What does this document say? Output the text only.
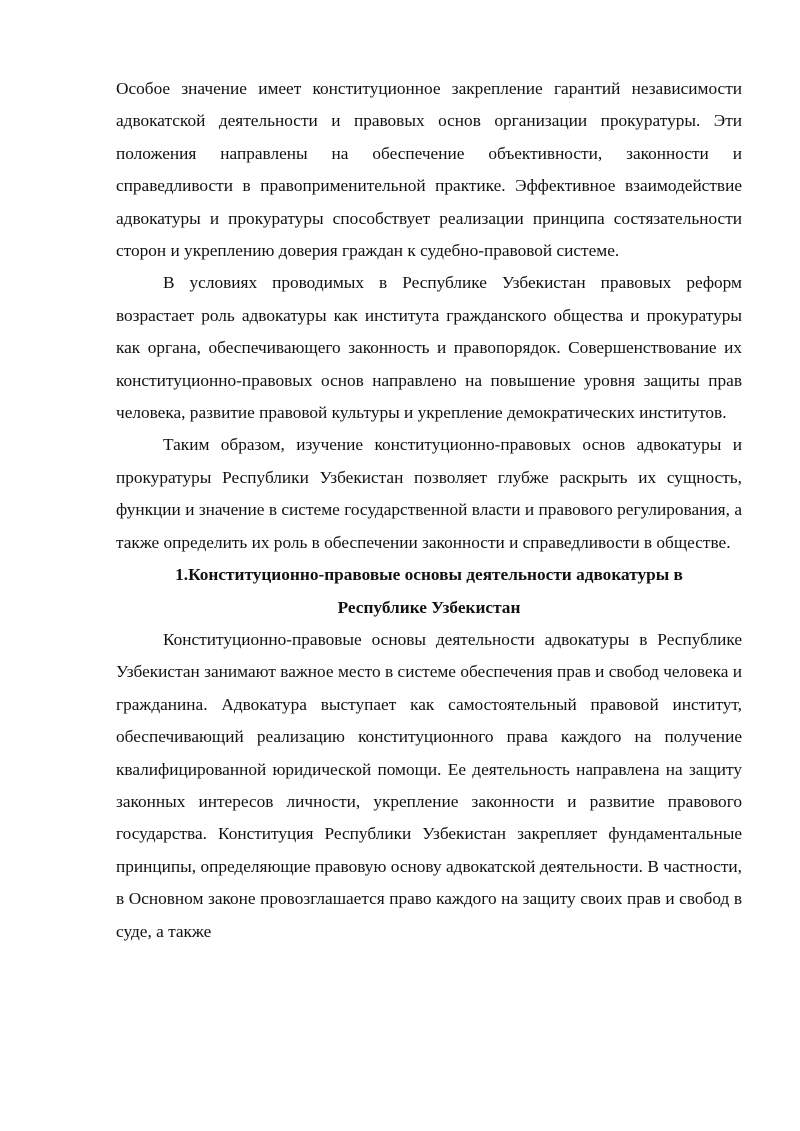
Особое значение имеет конституционное закрепление гарантий независимости адвокатской деятельности и правовых основ организации прокуратуры. Эти положения направлены на обеспечение объективности, законности и справедливости в правоприменительной практике. Эффективное взаимодействие адвокатуры и прокуратуры способствует реализации принципа состязательности сторон и укреплению доверия граждан к судебно-правовой системе.

В условиях проводимых в Республике Узбекистан правовых реформ возрастает роль адвокатуры как института гражданского общества и прокуратуры как органа, обеспечивающего законность и правопорядок. Совершенствование их конституционно-правовых основ направлено на повышение уровня защиты прав человека, развитие правовой культуры и укрепление демократических институтов.

Таким образом, изучение конституционно-правовых основ адвокатуры и прокуратуры Республики Узбекистан позволяет глубже раскрыть их сущность, функции и значение в системе государственной власти и правового регулирования, а также определить их роль в обеспечении законности и справедливости в обществе.

1.Конституционно-правовые основы деятельности адвокатуры в
Республике Узбекистан

Конституционно-правовые основы деятельности адвокатуры в Республике Узбекистан занимают важное место в системе обеспечения прав и свобод человека и гражданина. Адвокатура выступает как самостоятельный правовой институт, обеспечивающий реализацию конституционного права каждого на получение квалифицированной юридической помощи. Ее деятельность направлена на защиту законных интересов личности, укрепление законности и развитие правового государства. Конституция Республики Узбекистан закрепляет фундаментальные принципы, определяющие правовую основу адвокатской деятельности. В частности, в Основном законе провозглашается право каждого на защиту своих прав и свобод в суде, а также
